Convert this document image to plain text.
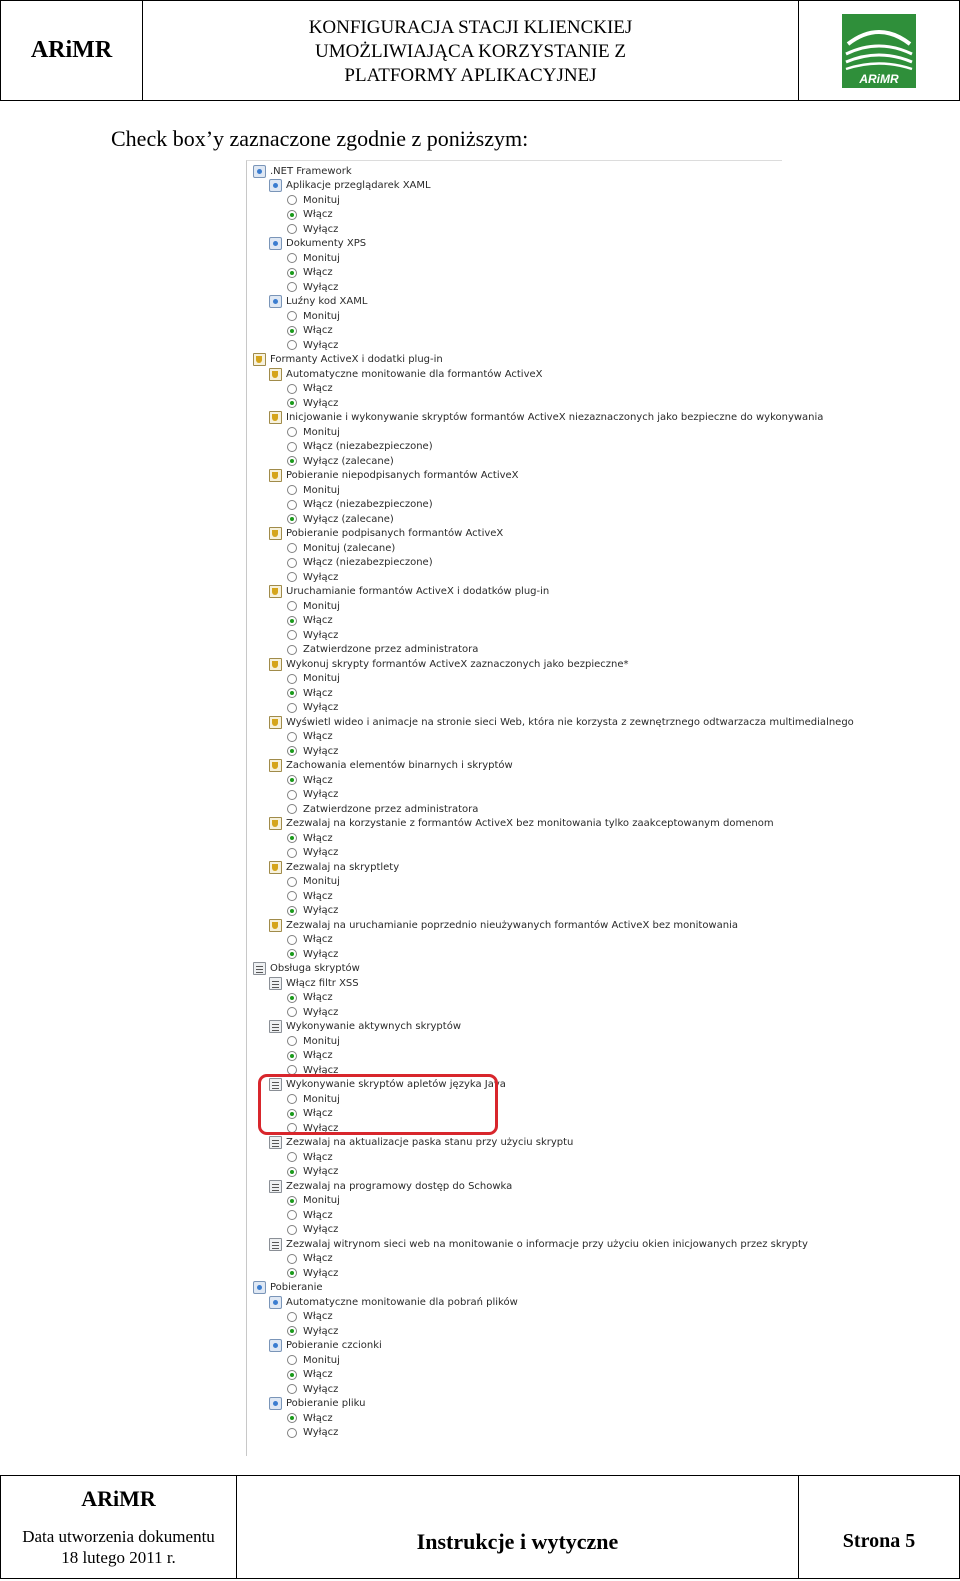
ARiMR
KONFIGURACJA STACJI KLIENCKIEJ
UMOŻLIWIAJĄCA KORZYSTANIE Z
PLATFORMY APLIKACYJNEJ	ARiMR
Check box’y zaznaczone zgodnie z poniższym:
.NET Framework
Aplikacje przeglądarek XAML
Monituj
Włącz
Wyłącz
Dokumenty XPS
Monituj
Włącz
Wyłącz
Luźny kod XAML
Monituj
Włącz
Wyłącz
Formanty ActiveX i dodatki plug-in
Automatyczne monitowanie dla formantów ActiveX
Włącz
Wyłącz
Inicjowanie i wykonywanie skryptów formantów ActiveX niezaznaczonych jako bezpieczne do wykonywania
Monituj
Włącz (niezabezpieczone)
Wyłącz (zalecane)
Pobieranie niepodpisanych formantów ActiveX
Monituj
Włącz (niezabezpieczone)
Wyłącz (zalecane)
Pobieranie podpisanych formantów ActiveX
Monituj (zalecane)
Włącz (niezabezpieczone)
Wyłącz
Uruchamianie formantów ActiveX i dodatków plug-in
Monituj
Włącz
Wyłącz
Zatwierdzone przez administratora
Wykonuj skrypty formantów ActiveX zaznaczonych jako bezpieczne*
Monituj
Włącz
Wyłącz
Wyświetl wideo i animacje na stronie sieci Web, która nie korzysta z zewnętrznego odtwarzacza multimedialnego
Włącz
Wyłącz
Zachowania elementów binarnych i skryptów
Włącz
Wyłącz
Zatwierdzone przez administratora
Zezwalaj na korzystanie z formantów ActiveX bez monitowania tylko zaakceptowanym domenom
Włącz
Wyłącz
Zezwalaj na skryptlety
Monituj
Włącz
Wyłącz
Zezwalaj na uruchamianie poprzednio nieużywanych formantów ActiveX bez monitowania
Włącz
Wyłącz
Obsługa skryptów
Włącz filtr XSS
Włącz
Wyłącz
Wykonywanie aktywnych skryptów
Monituj
Włącz
Wyłącz
Wykonywanie skryptów apletów języka Java
Monituj
Włącz
Wyłącz
Zezwalaj na aktualizacje paska stanu przy użyciu skryptu
Włącz
Wyłącz
Zezwalaj na programowy dostęp do Schowka
Monituj
Włącz
Wyłącz
Zezwalaj witrynom sieci web na monitowanie o informacje przy użyciu okien inicjowanych przez skrypty
Włącz
Wyłącz
Pobieranie
Automatyczne monitowanie dla pobrań plików
Włącz
Wyłącz
Pobieranie czcionki
Monituj
Włącz
Wyłącz
Pobieranie pliku
Włącz
Wyłącz
ARiMR
Data utworzenia dokumentu
18 lutego 2011 r.
Instrukcje i wytyczne	Strona 5
